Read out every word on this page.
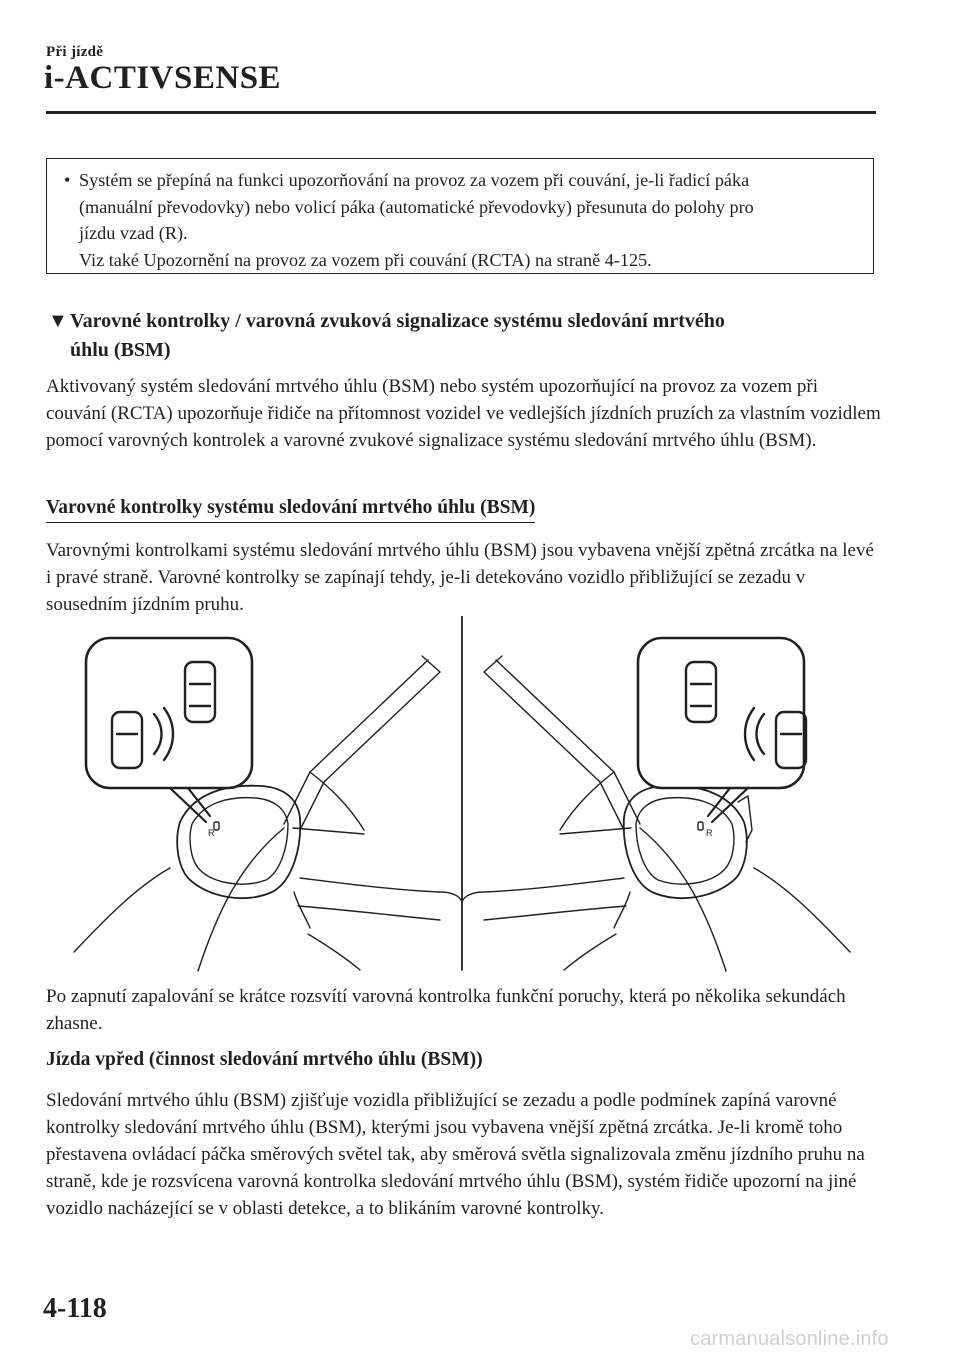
Při jízdě
i-ACTIVSENSE
• Systém se přepíná na funkci upozorňování na provoz za vozem při couvání, je-li řadicí páka

(manuální převodovky) nebo volicí páka (automatické převodovky) přesunuta do polohy pro

jízdu vzad (R).

Viz také Upozornění na provoz za vozem při couvání (RCTA) na straně 4-125.

▼ Varovné kontrolky / varovná zvuková signalizace systému sledování mrtvého
úhlu (BSM)

Aktivovaný systém sledování mrtvého úhlu (BSM) nebo systém upozorňující na provoz za vozem při couvání (RCTA) upozorňuje řidiče na přítomnost vozidel ve vedlejších jízdních pruzích za vlastním vozidlem pomocí varovných kontrolek a varovné zvukové signalizace systému sledování mrtvého úhlu (BSM).

Varovné kontrolky systému sledování mrtvého úhlu (BSM)

Varovnými kontrolkami systému sledování mrtvého úhlu (BSM) jsou vybavena vnější zpětná zrcátka na levé i pravé straně. Varovné kontrolky se zapínají tehdy, je-li detekováno vozidlo přibližující se zezadu v sousedním jízdním pruhu.

R	R

Po zapnutí zapalování se krátce rozsvítí varovná kontrolka funkční poruchy, která po několika sekundách zhasne.

Jízda vpřed (činnost sledování mrtvého úhlu (BSM))

Sledování mrtvého úhlu (BSM) zjišťuje vozidla přibližující se zezadu a podle podmínek zapíná varovné kontrolky sledování mrtvého úhlu (BSM), kterými jsou vybavena vnější zpětná zrcátka. Je-li kromě toho přestavena ovládací páčka směrových světel tak, aby směrová světla signalizovala změnu jízdního pruhu na straně, kde je rozsvícena varovná kontrolka sledování mrtvého úhlu (BSM), systém řidiče upozorní na jiné vozidlo nacházející se v oblasti detekce, a to blikáním varovné kontrolky.

4-118
carmanualsonline.info
